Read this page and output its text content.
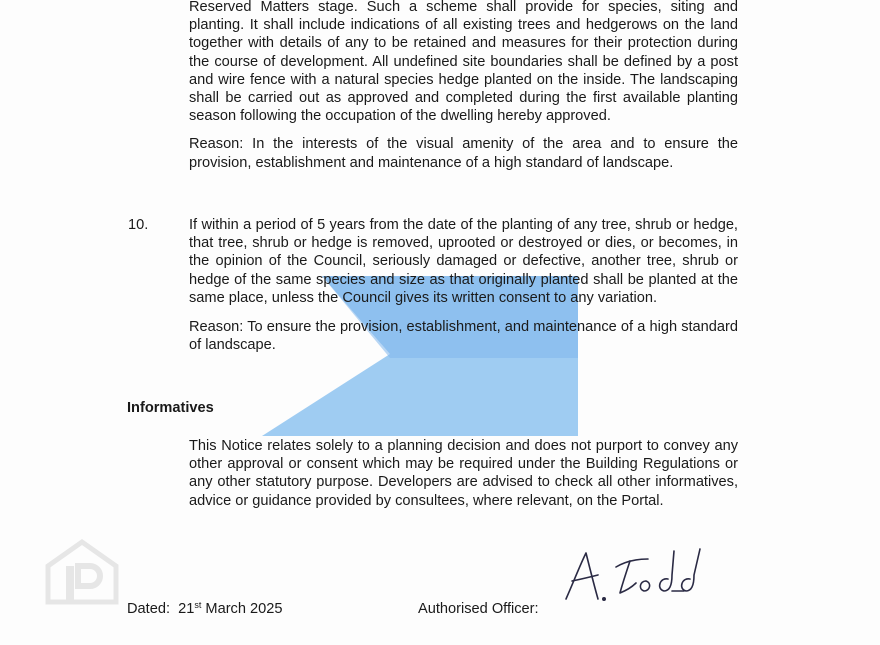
Reserved Matters stage. Such a scheme shall provide for species, siting and planting. It shall include indications of all existing trees and hedgerows on the land together with details of any to be retained and measures for their protection during the course of development. All undefined site boundaries shall be defined by a post and wire fence with a natural species hedge planted on the inside. The landscaping shall be carried out as approved and completed during the first available planting season following the occupation of the dwelling hereby approved.

Reason: In the interests of the visual amenity of the area and to ensure the provision, establishment and maintenance of a high standard of landscape.

10.	If within a period of 5 years from the date of the planting of any tree, shrub or hedge, that tree, shrub or hedge is removed, uprooted or destroyed or dies, or becomes, in the opinion of the Council, seriously damaged or defective, another tree, shrub or hedge of the same species and size as that originally planted shall be planted at the same place, unless the Council gives its written consent to any variation.

Reason: To ensure the provision, establishment, and maintenance of a high standard of landscape.

Informatives

This Notice relates solely to a planning decision and does not purport to convey any other approval or consent which may be required under the Building Regulations or any other statutory purpose. Developers are advised to check all other informatives, advice or guidance provided by consultees, where relevant, on the Portal.

Dated: 21st March 2025	Authorised Officer:
